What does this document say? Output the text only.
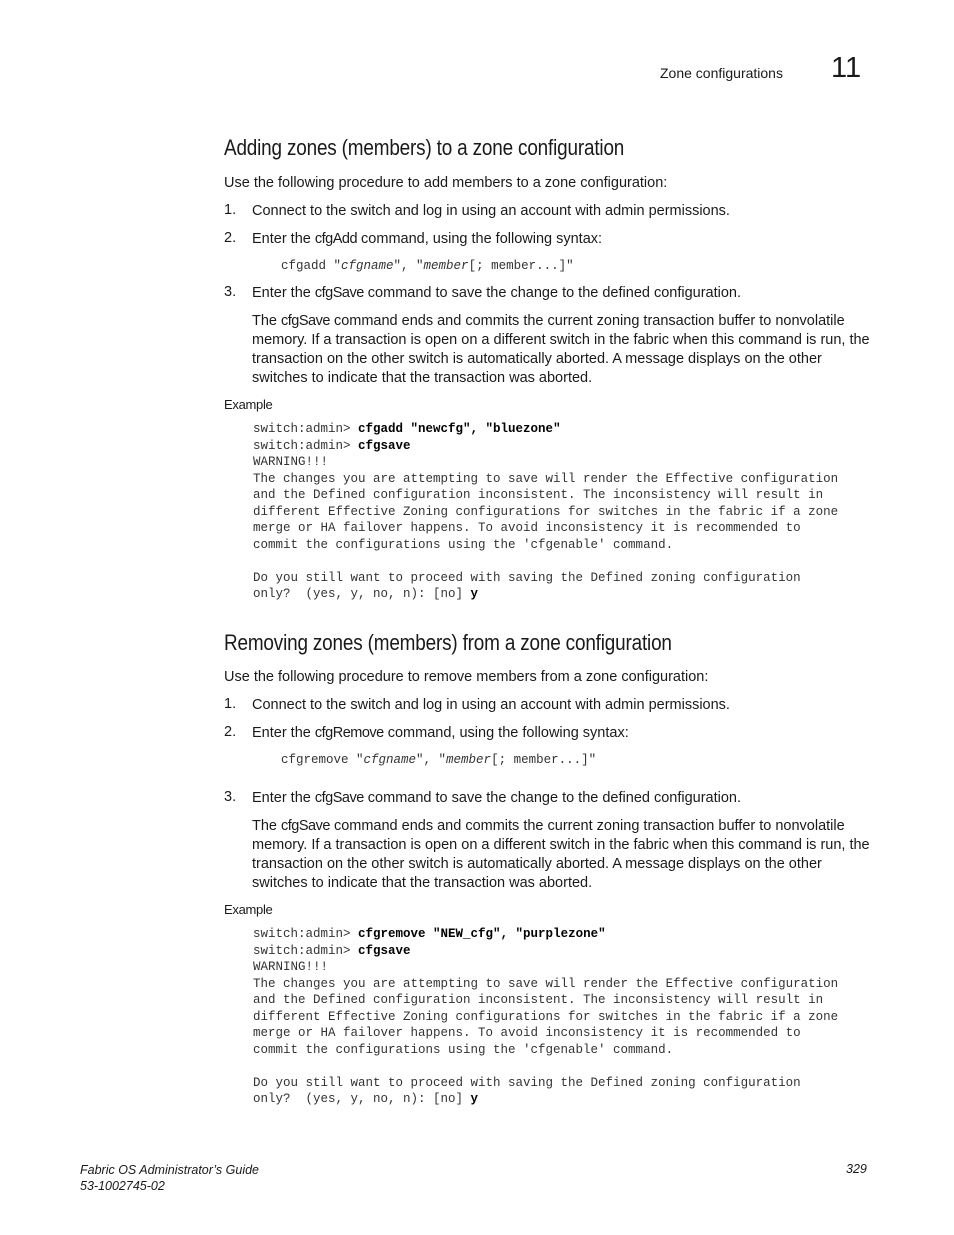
Zone configurations 11
Adding zones (members) to a zone configuration
Use the following procedure to add members to a zone configuration:
1. Connect to the switch and log in using an account with admin permissions.
2. Enter the cfgAdd command, using the following syntax:
cfgadd "cfgname", "member[; member...]"
3. Enter the cfgSave command to save the change to the defined configuration.
The cfgSave command ends and commits the current zoning transaction buffer to nonvolatile memory. If a transaction is open on a different switch in the fabric when this command is run, the transaction on the other switch is automatically aborted. A message displays on the other switches to indicate that the transaction was aborted.
Example
switch:admin> cfgadd "newcfg", "bluezone"
switch:admin> cfgsave
WARNING!!!
The changes you are attempting to save will render the Effective configuration
and the Defined configuration inconsistent. The inconsistency will result in
different Effective Zoning configurations for switches in the fabric if a zone
merge or HA failover happens. To avoid inconsistency it is recommended to
commit the configurations using the 'cfgenable' command.

Do you still want to proceed with saving the Defined zoning configuration
only?  (yes, y, no, n): [no] y
Removing zones (members) from a zone configuration
Use the following procedure to remove members from a zone configuration:
1. Connect to the switch and log in using an account with admin permissions.
2. Enter the cfgRemove command, using the following syntax:
cfgremove "cfgname", "member[; member...]"
3. Enter the cfgSave command to save the change to the defined configuration.
The cfgSave command ends and commits the current zoning transaction buffer to nonvolatile memory. If a transaction is open on a different switch in the fabric when this command is run, the transaction on the other switch is automatically aborted. A message displays on the other switches to indicate that the transaction was aborted.
Example
switch:admin> cfgremove "NEW_cfg", "purplezone"
switch:admin> cfgsave
WARNING!!!
The changes you are attempting to save will render the Effective configuration
and the Defined configuration inconsistent. The inconsistency will result in
different Effective Zoning configurations for switches in the fabric if a zone
merge or HA failover happens. To avoid inconsistency it is recommended to
commit the configurations using the 'cfgenable' command.

Do you still want to proceed with saving the Defined zoning configuration
only?  (yes, y, no, n): [no] y
Fabric OS Administrator’s Guide
53-1002745-02
329
